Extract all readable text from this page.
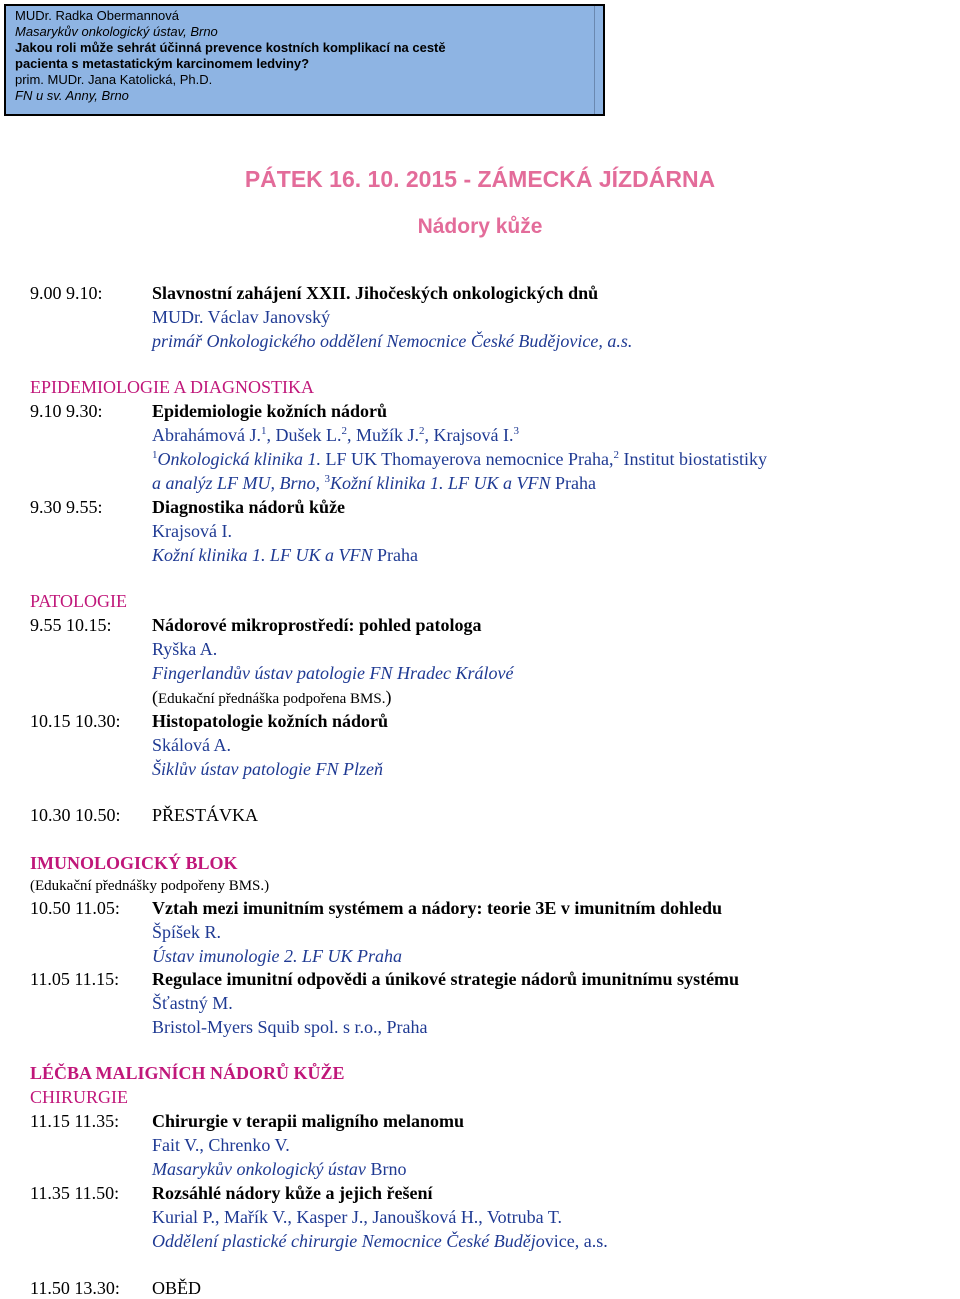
MUDr. Radka Obermannová
Masarykův onkologický ústav, Brno
Jakou roli může sehrát účinná prevence kostních komplikací na cestě
pacienta s metastatickým karcinomem ledviny?
prim. MUDr. Jana Katolická, Ph.D.
FN u sv. Anny, Brno
PÁTEK 16. 10. 2015 - ZÁMECKÁ JÍZDÁRNA
Nádory kůže
9.00 9.10:	Slavnostní zahájení XXII. Jihočeských onkologických dnů
MUDr. Václav Janovský
primář Onkologického oddělení Nemocnice České Budějovice, a.s.
EPIDEMIOLOGIE A DIAGNOSTIKA
9.10 9.30:	Epidemiologie kožních nádorů
Abrahámová J.$^1$, Dušek L.$^2$, Mužík J.$^2$, Krajsová I.$^3$
$^1$Onkologická klinika 1. LF UK Thomayerova nemocnice Praha,$^2$ Institut biostatistiky
a analýz LF MU, Brno, $^3$Kožní klinika 1. LF UK a VFN Praha
9.30 9.55:	Diagnostika nádorů kůže
Krajsová I.
Kožní klinika 1. LF UK a VFN Praha
PATOLOGIE
9.55 10.15: Nádorové mikroprostředí: pohled patologa
Ryška A.
Fingerlandův ústav patologie FN Hradec Králové
(Edukační přednáška podpořena BMS.)
10.15 10.30: Histopatologie kožních nádorů
Skálová A.
Šiklův ústav patologie FN Plzeň
10.30 10.50: PŘESTÁVKA
IMUNOLOGICKÝ BLOK
(Edukační přednášky podpořeny BMS.)
10.50 11.05: Vztah mezi imunitním systémem a nádory: teorie 3E v imunitním dohledu
Špíšek R.
Ústav imunologie 2. LF UK Praha
11.05 11.15: Regulace imunitní odpovědi a únikové strategie nádorů imunitnímu systému
Šťastný M.
Bristol-Myers Squib spol. s r.o., Praha
LÉČBA MALIGNÍCH NÁDORŮ KŮŽE
CHIRURGIE
11.15 11.35: Chirurgie v terapii maligního melanomu
Fait V., Chrenko V.
Masarykův onkologický ústav Brno
11.35 11.50: Rozsáhlé nádory kůže a jejich řešení
Kurial P., Mařík V., Kasper J., Janoušková H., Votruba T.
Oddělení plastické chirurgie Nemocnice České Budějovice, a.s.
11.50 13.30: OBĚD
